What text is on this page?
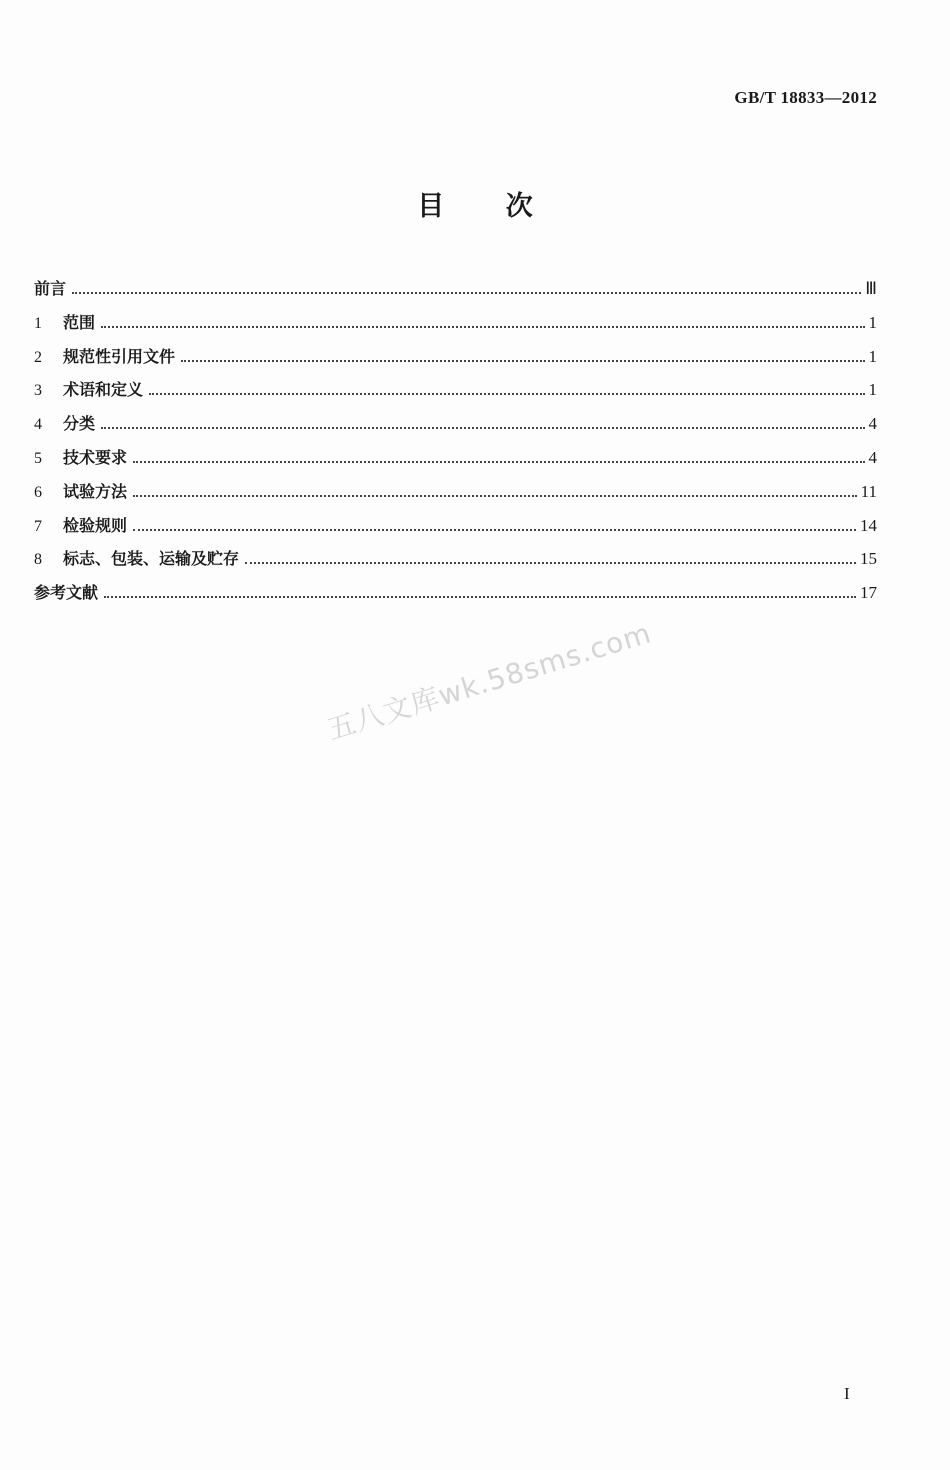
GB/T 18833—2012
目 次
前言	Ⅲ
1	范围	1
2	规范性引用文件	1
3	术语和定义	1
4	分类	4
5	技术要求	4
6	试验方法	11
7	检验规则	14
8	标志、包装、运输及贮存	15
参考文献	17
五八文库wk.58sms.com
I
